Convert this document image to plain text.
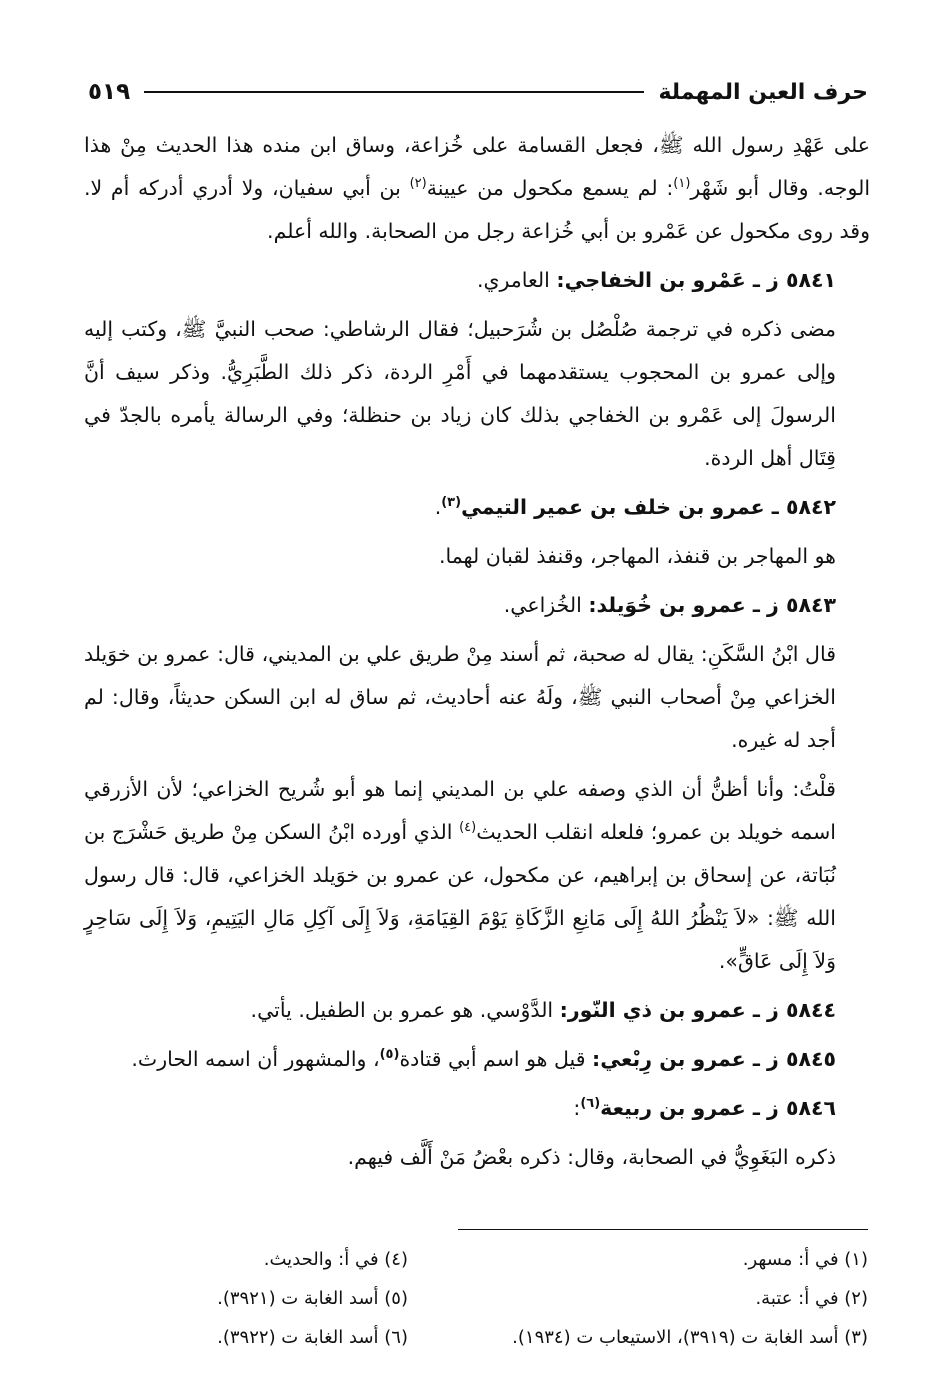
حرف العين المهملة
٥١٩

على عَهْدِ رسول الله ﷺ، فجعل القسامة على خُزاعة، وساق ابن منده هذا الحديث مِنْ هذا الوجه. وقال أبو شَهْر$^{(١)}$: لم يسمع مكحول من عيينة$^{(٢)}$ بن أبي سفيان، ولا أدري أدركه أم لا. وقد روى مكحول عن عَمْرو بن أبي خُزاعة رجل من الصحابة. والله أعلم.

٥٨٤١ ز ـ عَمْرو بن الخفاجي: العامري.

مضى ذكره في ترجمة صُلْصُل بن شُرَحبيل؛ فقال الرشاطي: صحب النبيَّ ﷺ، وكتب إليه وإلى عمرو بن المحجوب يستقدمهما في أَمْرِ الردة، ذكر ذلك الطَّبَرِيُّ. وذكر سيف أنَّ الرسولَ إلى عَمْرو بن الخفاجي بذلك كان زياد بن حنظلة؛ وفي الرسالة يأمره بالجدّ في قِتَال أهل الردة.

٥٨٤٢ ـ عمرو بن خلف بن عمير التيمي$^{(٣)}$.

هو المهاجر بن قنفذ، المهاجر، وقنفذ لقبان لهما.

٥٨٤٣ ز ـ عمرو بن خُوَيلد: الخُزاعي.

قال ابْنُ السَّكَنِ: يقال له صحبة، ثم أسند مِنْ طريق علي بن المديني، قال: عمرو بن خوَيلد الخزاعي مِنْ أصحاب النبي ﷺ، ولَهُ عنه أحاديث، ثم ساق له ابن السكن حديثاً، وقال: لم أجد له غيره.

قلْتُ: وأنا أظنُّ أن الذي وصفه علي بن المديني إنما هو أبو شُريح الخزاعي؛ لأن الأزرقي اسمه خويلد بن عمرو؛ فلعله انقلب الحديث$^{(٤)}$ الذي أورده ابْنُ السكن مِنْ طريق حَشْرَج بن نُبَاتة، عن إسحاق بن إبراهيم، عن مكحول، عن عمرو بن خوَيلد الخزاعي، قال: قال رسول الله ﷺ: «لاَ يَنْظُرُ اللهُ إِلَى مَانِعِ الزَّكَاةِ يَوْمَ القِيَامَةِ، وَلاَ إِلَى آكِلِ مَالِ اليَتِيمِ، وَلاَ إِلَى سَاحِرٍ وَلاَ إِلَى عَاقٍّ».

٥٨٤٤ ز ـ عمرو بن ذي النّور: الدَّوْسي. هو عمرو بن الطفيل. يأتي.

٥٨٤٥ ز ـ عمرو بن رِبْعي: قيل هو اسم أبي قتادة$^{(٥)}$، والمشهور أن اسمه الحارث.

٥٨٤٦ ز ـ عمرو بن ربيعة$^{(٦)}$:

ذكره البَغَوِيُّ في الصحابة، وقال: ذكره بعْضُ مَنْ أَلَّف فيهم.

(١) في أ: مسهر.

(٢) في أ: عتبة.

(٣) أسد الغابة ت (٣٩١٩)، الاستيعاب ت (١٩٣٤).

(٤) في أ: والحديث.

(٥) أسد الغابة ت (٣٩٢١).

(٦) أسد الغابة ت (٣٩٢٢).
